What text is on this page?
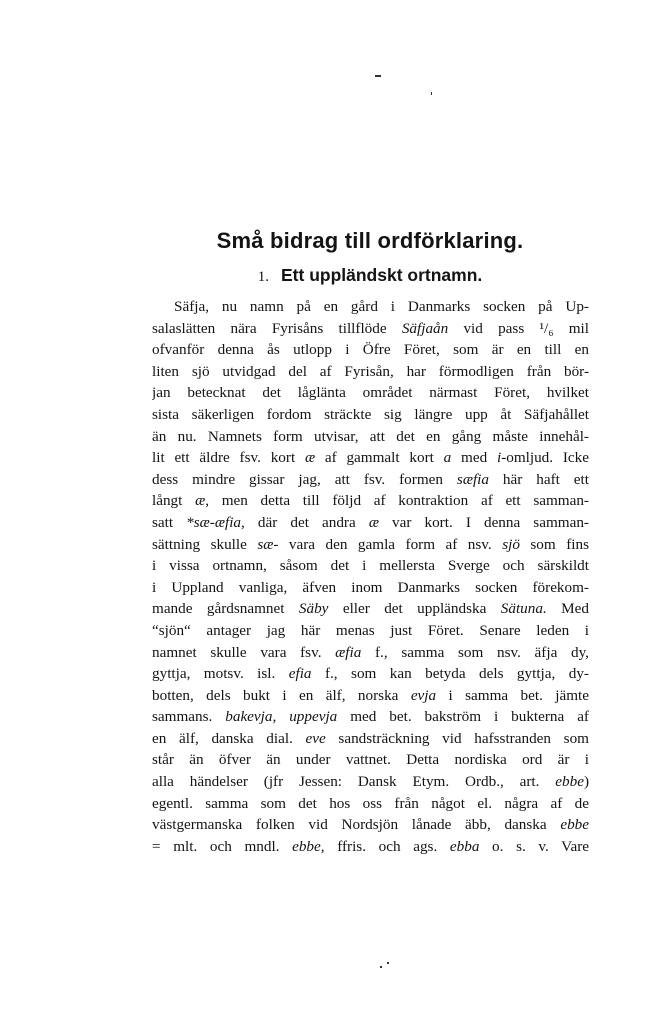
Små bidrag till ordförklaring.
1. Ett uppländskt ortnamn.
Säfja, nu namn på en gård i Danmarks socken på Up-
salaslätten nära Fyrisåns tillflöde Säfjaån vid pass ¹/₆ mil
ofvanför denna ås utlopp i Öfre Föret, som är en till en
liten sjö utvidgad del af Fyrisån, har förmodligen från bör-
jan betecknat det låglänta området närmast Föret, hvilket
sista säkerligen fordom sträckte sig längre upp åt Säfjahållet
än nu. Namnets form utvisar, att det en gång måste innehål-
lit ett äldre fsv. kort æ af gammalt kort a med i-omljud. Icke
dess mindre gissar jag, att fsv. formen sæfia här haft ett
långt æ, men detta till följd af kontraktion af ett samman-
satt *sæ-æfia, där det andra æ var kort. I denna samman-
sättning skulle sæ- vara den gamla form af nsv. sjö som fins
i vissa ortnamn, såsom det i mellersta Sverge och särskildt
i Uppland vanliga, äfven inom Danmarks socken förekom-
mande gårdsnamnet Säby eller det uppländska Sätuna. Med
“sjön“ antager jag här menas just Föret. Senare leden i
namnet skulle vara fsv. æfia f., samma som nsv. äfja dy,
gyttja, motsv. isl. efia f., som kan betyda dels gyttja, dy-
botten, dels bukt i en älf, norska evja i samma bet. jämte
sammans. bakevja, uppevja med bet. bakström i bukterna af
en älf, danska dial. eve sandsträckning vid hafsstranden som
står än öfver än under vattnet. Detta nordiska ord är i
alla händelser (jfr Jessen: Dansk Etym. Ordb., art. ebbe)
egentl. samma som det hos oss från något el. några af de
västgermanska folken vid Nordsjön lånade äbb, danska ebbe
= mlt. och mndl. ebbe, ffris. och ags. ebba o. s. v. Vare
